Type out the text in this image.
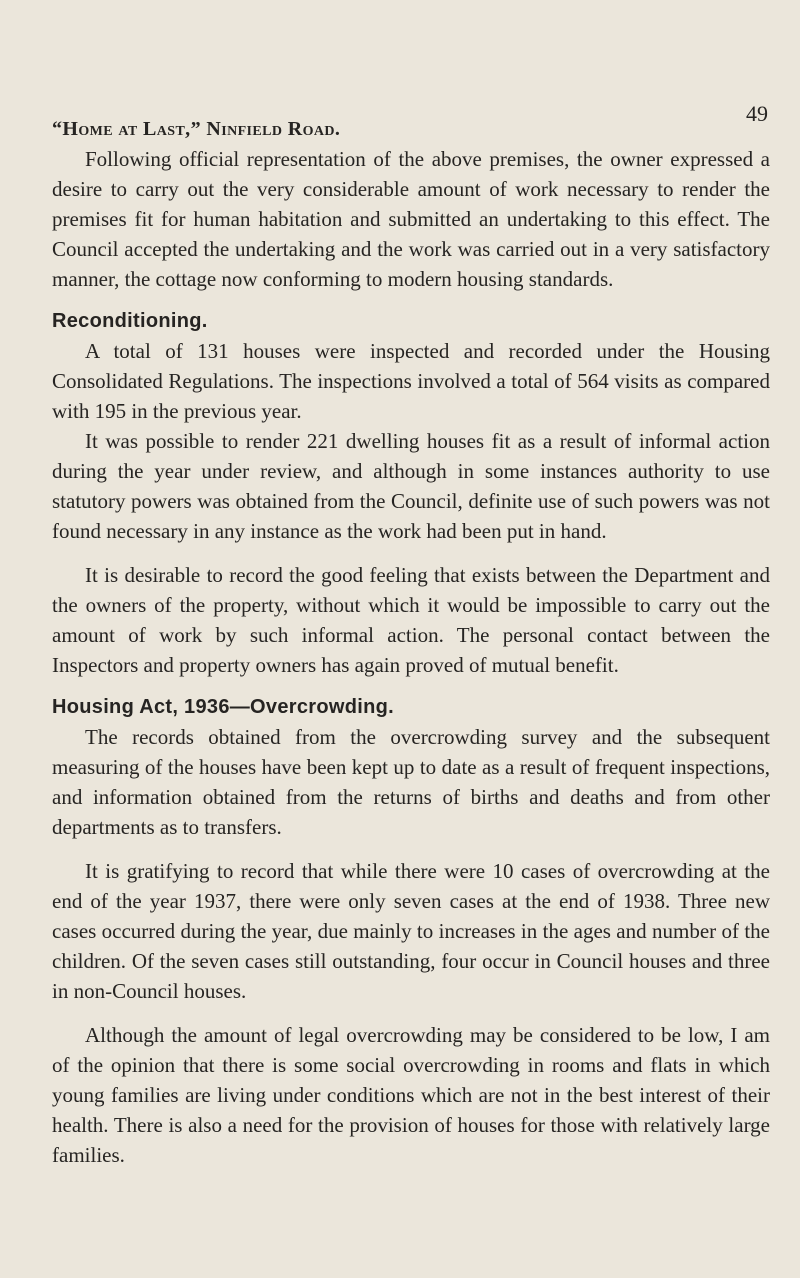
49
“Home at Last,” Ninfield Road.

Following official representation of the above premises, the owner expressed a desire to carry out the very considerable amount of work necessary to render the premises fit for human habitation and submitted an undertaking to this effect. The Council accepted the undertaking and the work was carried out in a very satisfactory manner, the cottage now conforming to modern housing standards.

Reconditioning.

A total of 131 houses were inspected and recorded under the Housing Consolidated Regulations. The inspections involved a total of 564 visits as compared with 195 in the previous year.

It was possible to render 221 dwelling houses fit as a result of informal action during the year under review, and although in some instances authority to use statutory powers was obtained from the Council, definite use of such powers was not found necessary in any instance as the work had been put in hand.

It is desirable to record the good feeling that exists between the Department and the owners of the property, without which it would be impossible to carry out the amount of work by such informal action. The personal contact between the Inspectors and property owners has again proved of mutual benefit.

Housing Act, 1936—Overcrowding.

The records obtained from the overcrowding survey and the subsequent measuring of the houses have been kept up to date as a result of frequent inspections, and information obtained from the returns of births and deaths and from other departments as to transfers.

It is gratifying to record that while there were 10 cases of overcrowding at the end of the year 1937, there were only seven cases at the end of 1938. Three new cases occurred during the year, due mainly to increases in the ages and number of the children. Of the seven cases still outstanding, four occur in Council houses and three in non-Council houses.

Although the amount of legal overcrowding may be considered to be low, I am of the opinion that there is some social overcrowding in rooms and flats in which young families are living under conditions which are not in the best interest of their health. There is also a need for the provision of houses for those with relatively large families.
